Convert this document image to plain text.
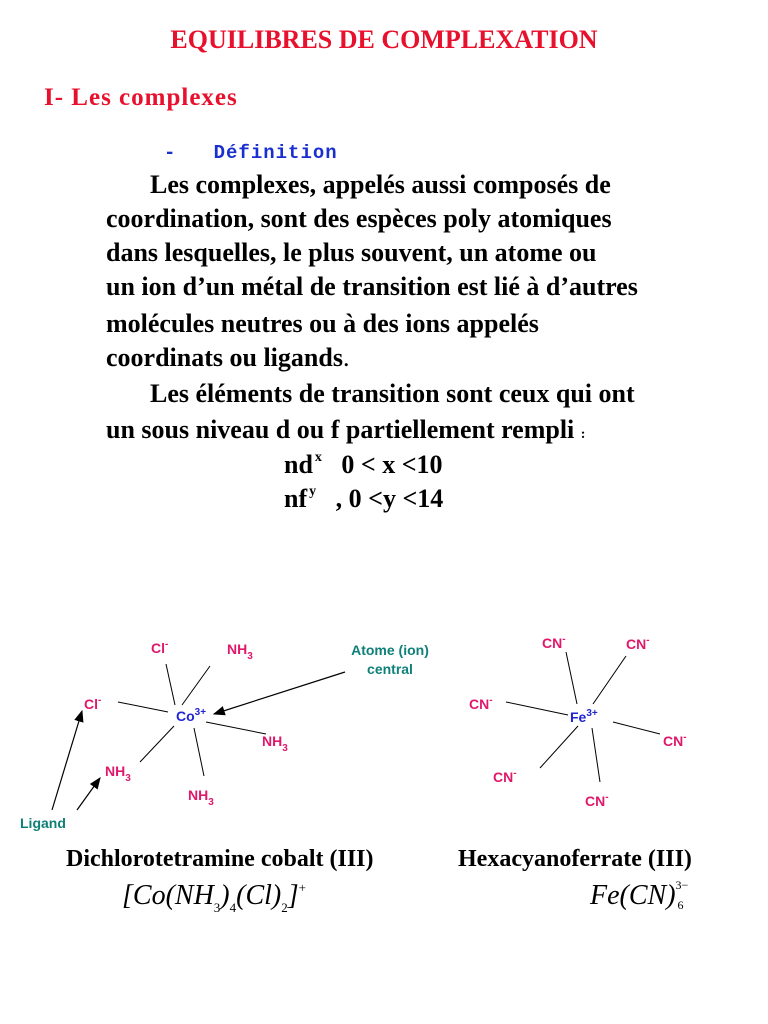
EQUILIBRES DE COMPLEXATION
I- Les complexes
- Définition
Les complexes, appelés aussi composés de
coordination, sont des espèces poly atomiques
dans lesquelles, le plus souvent, un atome ou
un ion d’un métal de transition est lié à d’autres
molécules neutres ou à des ions appelés
coordinats ou ligands.
Les éléments de transition sont ceux qui ont
un sous niveau d ou f partiellement rempli :
nd $^x$ 0 < x <10
nf $^y$ , 0 <y <14
$Co^{3+}$
Cl-
Cl-
$NH_3$
$NH_3$
$NH_3$
$NH_3$
Atome (ion) central
Ligand
$Fe^{3+}$
CN-	CN-
CN-
CN-
CN-
CN-
Dichlorotetramine cobalt (III)	Hexacyanoferrate (III)
$[Co(NH_3)_4(Cl)_2]^+$	Fe(CN) 3−
6
